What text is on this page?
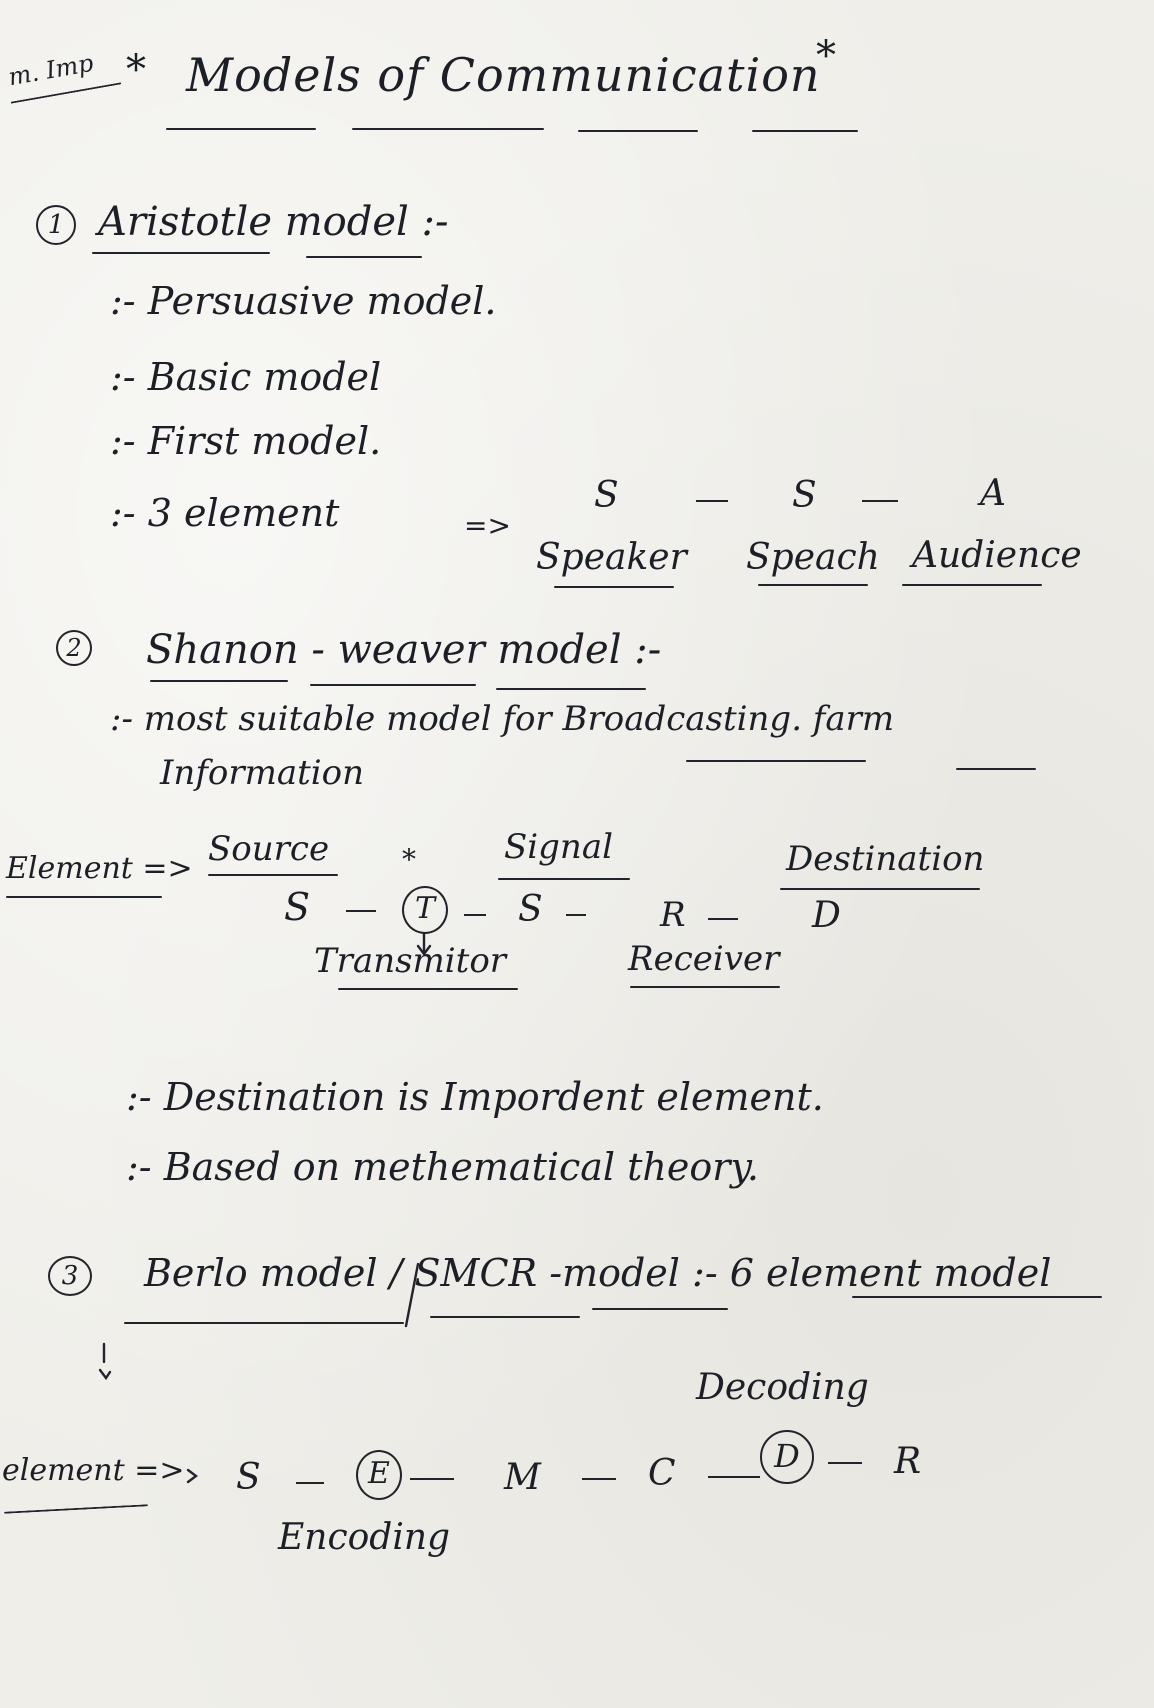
m. Imp * Models of Communication
*
1 Aristotle model :-
:- Persuasive model.
:- Basic model
:- First model.
:- 3 element	=>
S	S	A
Speaker Speach Audience
2 Shanon - weaver model :-
:- most suitable model for Broadcasting. farm
Information
Element => Source	*	Signal	Destination
S	T	S	R	D
Transmitor	Receiver
:- Destination is Impordent element.
:- Based on methematical theory.
3	Berlo model / SMCR -model :- 6 element model
Decoding
element => S	E	M	C	D	R
Encoding
